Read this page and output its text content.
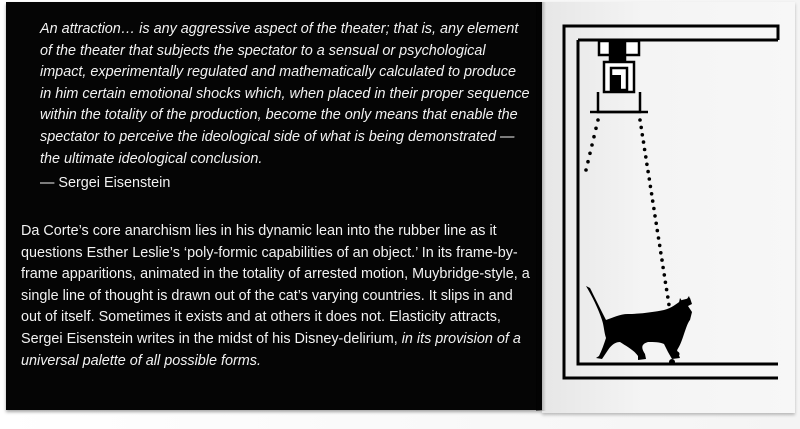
An attraction… is any aggressive aspect of the theater; that is, any element of the theater that subjects the spectator to a sensual or psychological impact, experimentally regulated and mathematically calculated to produce in him certain emotional shocks which, when placed in their proper sequence within the totality of the production, become the only means that enable the spectator to perceive the ideological side of what is being demonstrated — the ultimate ideological conclusion.

— Sergei Eisenstein

Da Corte’s core anarchism lies in his dynamic lean into the rubber line as it questions Esther Leslie’s ‘poly-formic capabilities of an object.’ In its frame-by-frame apparitions, animated in the totality of arrested motion, Muybridge-style, a single line of thought is drawn out of the cat’s varying countries. It slips in and out of itself. Sometimes it exists and at others it does not. Elasticity attracts, Sergei Eisenstein writes in the midst of his Disney-delirium, in its provision of a universal palette of all possible forms.
